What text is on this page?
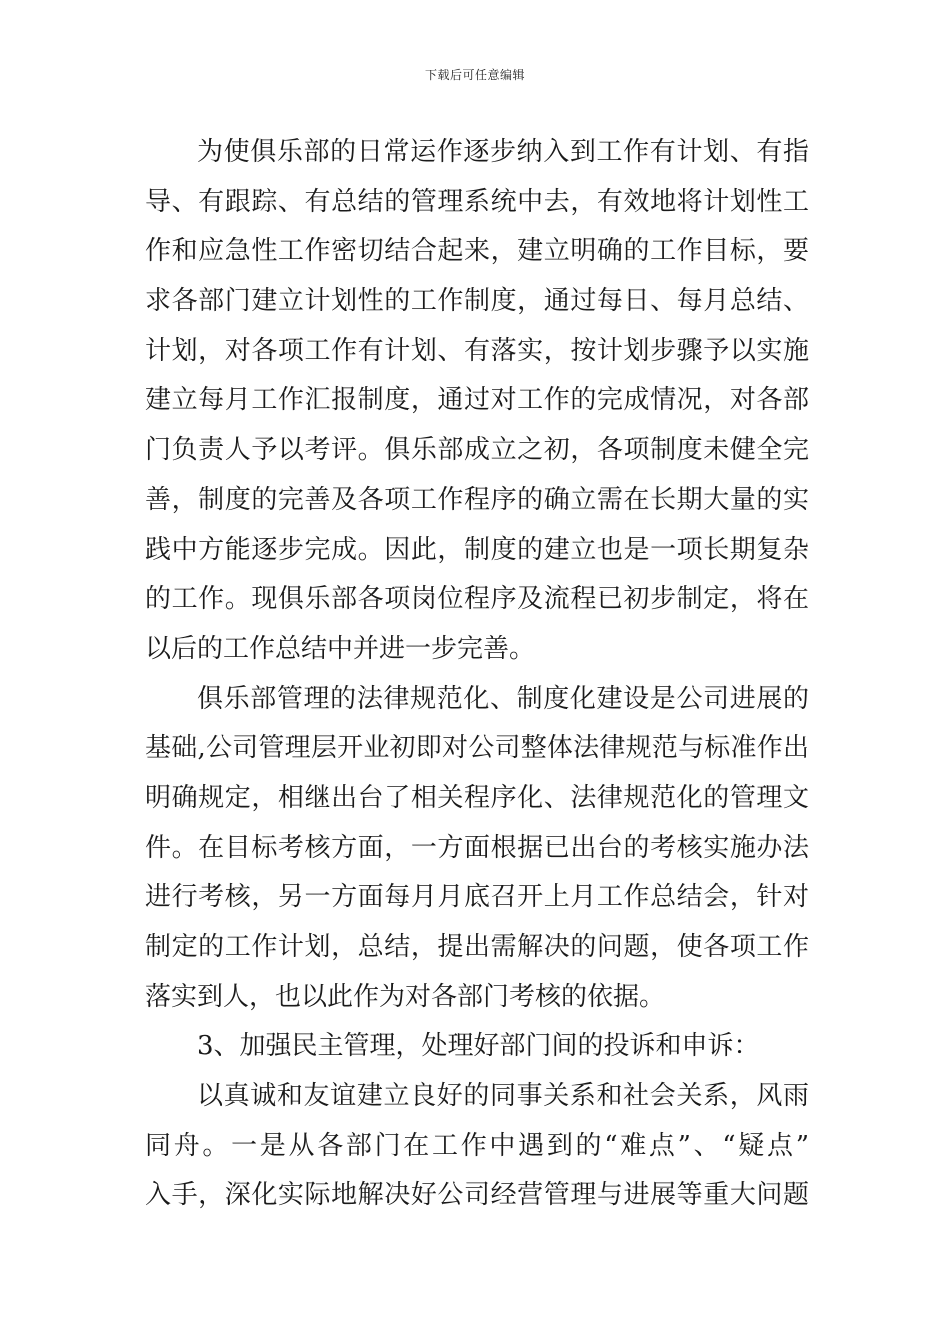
下载后可任意编辑
为使俱乐部的日常运作逐步纳入到工作有计划、有指
导、有跟踪、有总结的管理系统中去，有效地将计划性工
作和应急性工作密切结合起来，建立明确的工作目标，要
求各部门建立计划性的工作制度，通过每日、每月总结、
计划，对各项工作有计划、有落实，按计划步骤予以实施
建立每月工作汇报制度，通过对工作的完成情况，对各部
门负责人予以考评。俱乐部成立之初，各项制度未健全完
善，制度的完善及各项工作程序的确立需在长期大量的实
践中方能逐步完成。因此，制度的建立也是一项长期复杂
的工作。现俱乐部各项岗位程序及流程已初步制定，将在
以后的工作总结中并进一步完善。
俱乐部管理的法律规范化、制度化建设是公司进展的
基础,公司管理层开业初即对公司整体法律规范与标准作出
明确规定，相继出台了相关程序化、法律规范化的管理文
件。在目标考核方面，一方面根据已出台的考核实施办法
进行考核，另一方面每月月底召开上月工作总结会，针对
制定的工作计划，总结，提出需解决的问题，使各项工作
落实到人，也以此作为对各部门考核的依据。
3、加强民主管理，处理好部门间的投诉和申诉：
以真诚和友谊建立良好的同事关系和社会关系，风雨
同舟。一是从各部门在工作中遇到的“难点”、“疑点”
入手，深化实际地解决好公司经营管理与进展等重大问题
